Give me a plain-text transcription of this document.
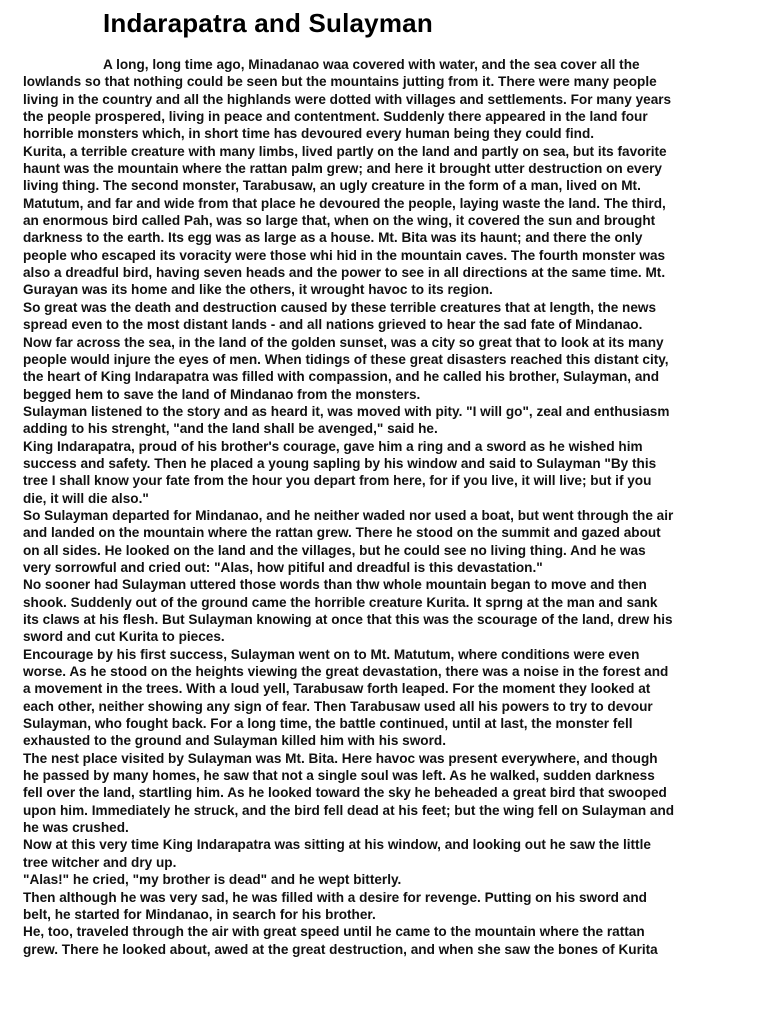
Indarapatra and Sulayman
A long, long time ago, Minadanao waa covered with water, and the sea cover all the
lowlands so that nothing could be seen but the mountains jutting from it. There were many people
living in the country and all the highlands were dotted with villages and settlements. For many years
the people prospered, living in peace and contentment. Suddenly there appeared in the land four
horrible monsters which, in short time has devoured every human being they could find.
Kurita, a terrible creature with many limbs, lived partly on the land and partly on sea, but its favorite
haunt was the mountain where the rattan palm grew; and here it brought utter destruction on every
living thing. The second monster, Tarabusaw, an ugly creature in the form of a man, lived on Mt.
Matutum, and far and wide from that place he devoured the people, laying waste the land. The third,
an enormous bird called Pah, was so large that, when on the wing, it covered the sun and brought
darkness to the earth. Its egg was as large as a house. Mt. Bita was its haunt; and there the only
people who escaped its voracity were those whi hid in the mountain caves. The fourth monster was
also a dreadful bird, having seven heads and the power to see in all directions at the same time. Mt.
Gurayan was its home and like the others, it wrought havoc to its region.
So great was the death and destruction caused by these terrible creatures that at length, the news
spread even to the most distant lands - and all nations grieved to hear the sad fate of Mindanao.
Now far across the sea, in the land of the golden sunset, was a city so great that to look at its many
people would injure the eyes of men. When tidings of these great disasters reached this distant city,
the heart of King Indarapatra was filled with compassion, and he called his brother, Sulayman, and
begged hem to save the land of Mindanao from the monsters.
Sulayman listened to the story and as heard it, was moved with pity. "I will go", zeal and enthusiasm
adding to his strenght, "and the land shall be avenged," said he.
King Indarapatra, proud of his brother's courage, gave him a ring and a sword as he wished him
success and safety. Then he placed a young sapling by his window and said to Sulayman "By this
tree I shall know your fate from the hour you depart from here, for if you live, it will live; but if you
die, it will die also."
So Sulayman departed for Mindanao, and he neither waded nor used a boat, but went through the air
and landed on the mountain where the rattan grew. There he stood on the summit and gazed about
on all sides. He looked on the land and the villages, but he could see no living thing. And he was
very sorrowful and cried out: "Alas, how pitiful and dreadful is this devastation."
No sooner had Sulayman uttered those words than thw whole mountain began to move and then
shook. Suddenly out of the ground came the horrible creature Kurita. It sprng at the man and sank
its claws at his flesh. But Sulayman knowing at once that this was the scourage of the land, drew his
sword and cut Kurita to pieces.
Encourage by his first success, Sulayman went on to Mt. Matutum, where conditions were even
worse. As he stood on the heights viewing the great devastation, there was a noise in the forest and
a movement in the trees. With a loud yell, Tarabusaw forth leaped. For the moment they looked at
each other, neither showing any sign of fear. Then Tarabusaw used all his powers to try to devour
Sulayman, who fought back. For a long time, the battle continued, until at last, the monster fell
exhausted to the ground and Sulayman killed him with his sword.
The nest place visited by Sulayman was Mt. Bita. Here havoc was present everywhere, and though
he passed by many homes, he saw that not a single soul was left. As he walked, sudden darkness
fell over the land, startling him. As he looked toward the sky he beheaded a great bird that swooped
upon him. Immediately he struck, and the bird fell dead at his feet; but the wing fell on Sulayman and
he was crushed.
Now at this very time King Indarapatra was sitting at his window, and looking out he saw the little
tree witcher and dry up.
"Alas!" he cried, "my brother is dead" and he wept bitterly.
Then although he was very sad, he was filled with a desire for revenge. Putting on his sword and
belt, he started for Mindanao, in search for his brother.
He, too, traveled through the air with great speed until he came to the mountain where the rattan
grew. There he looked about, awed at the great destruction, and when she saw the bones of Kurita
